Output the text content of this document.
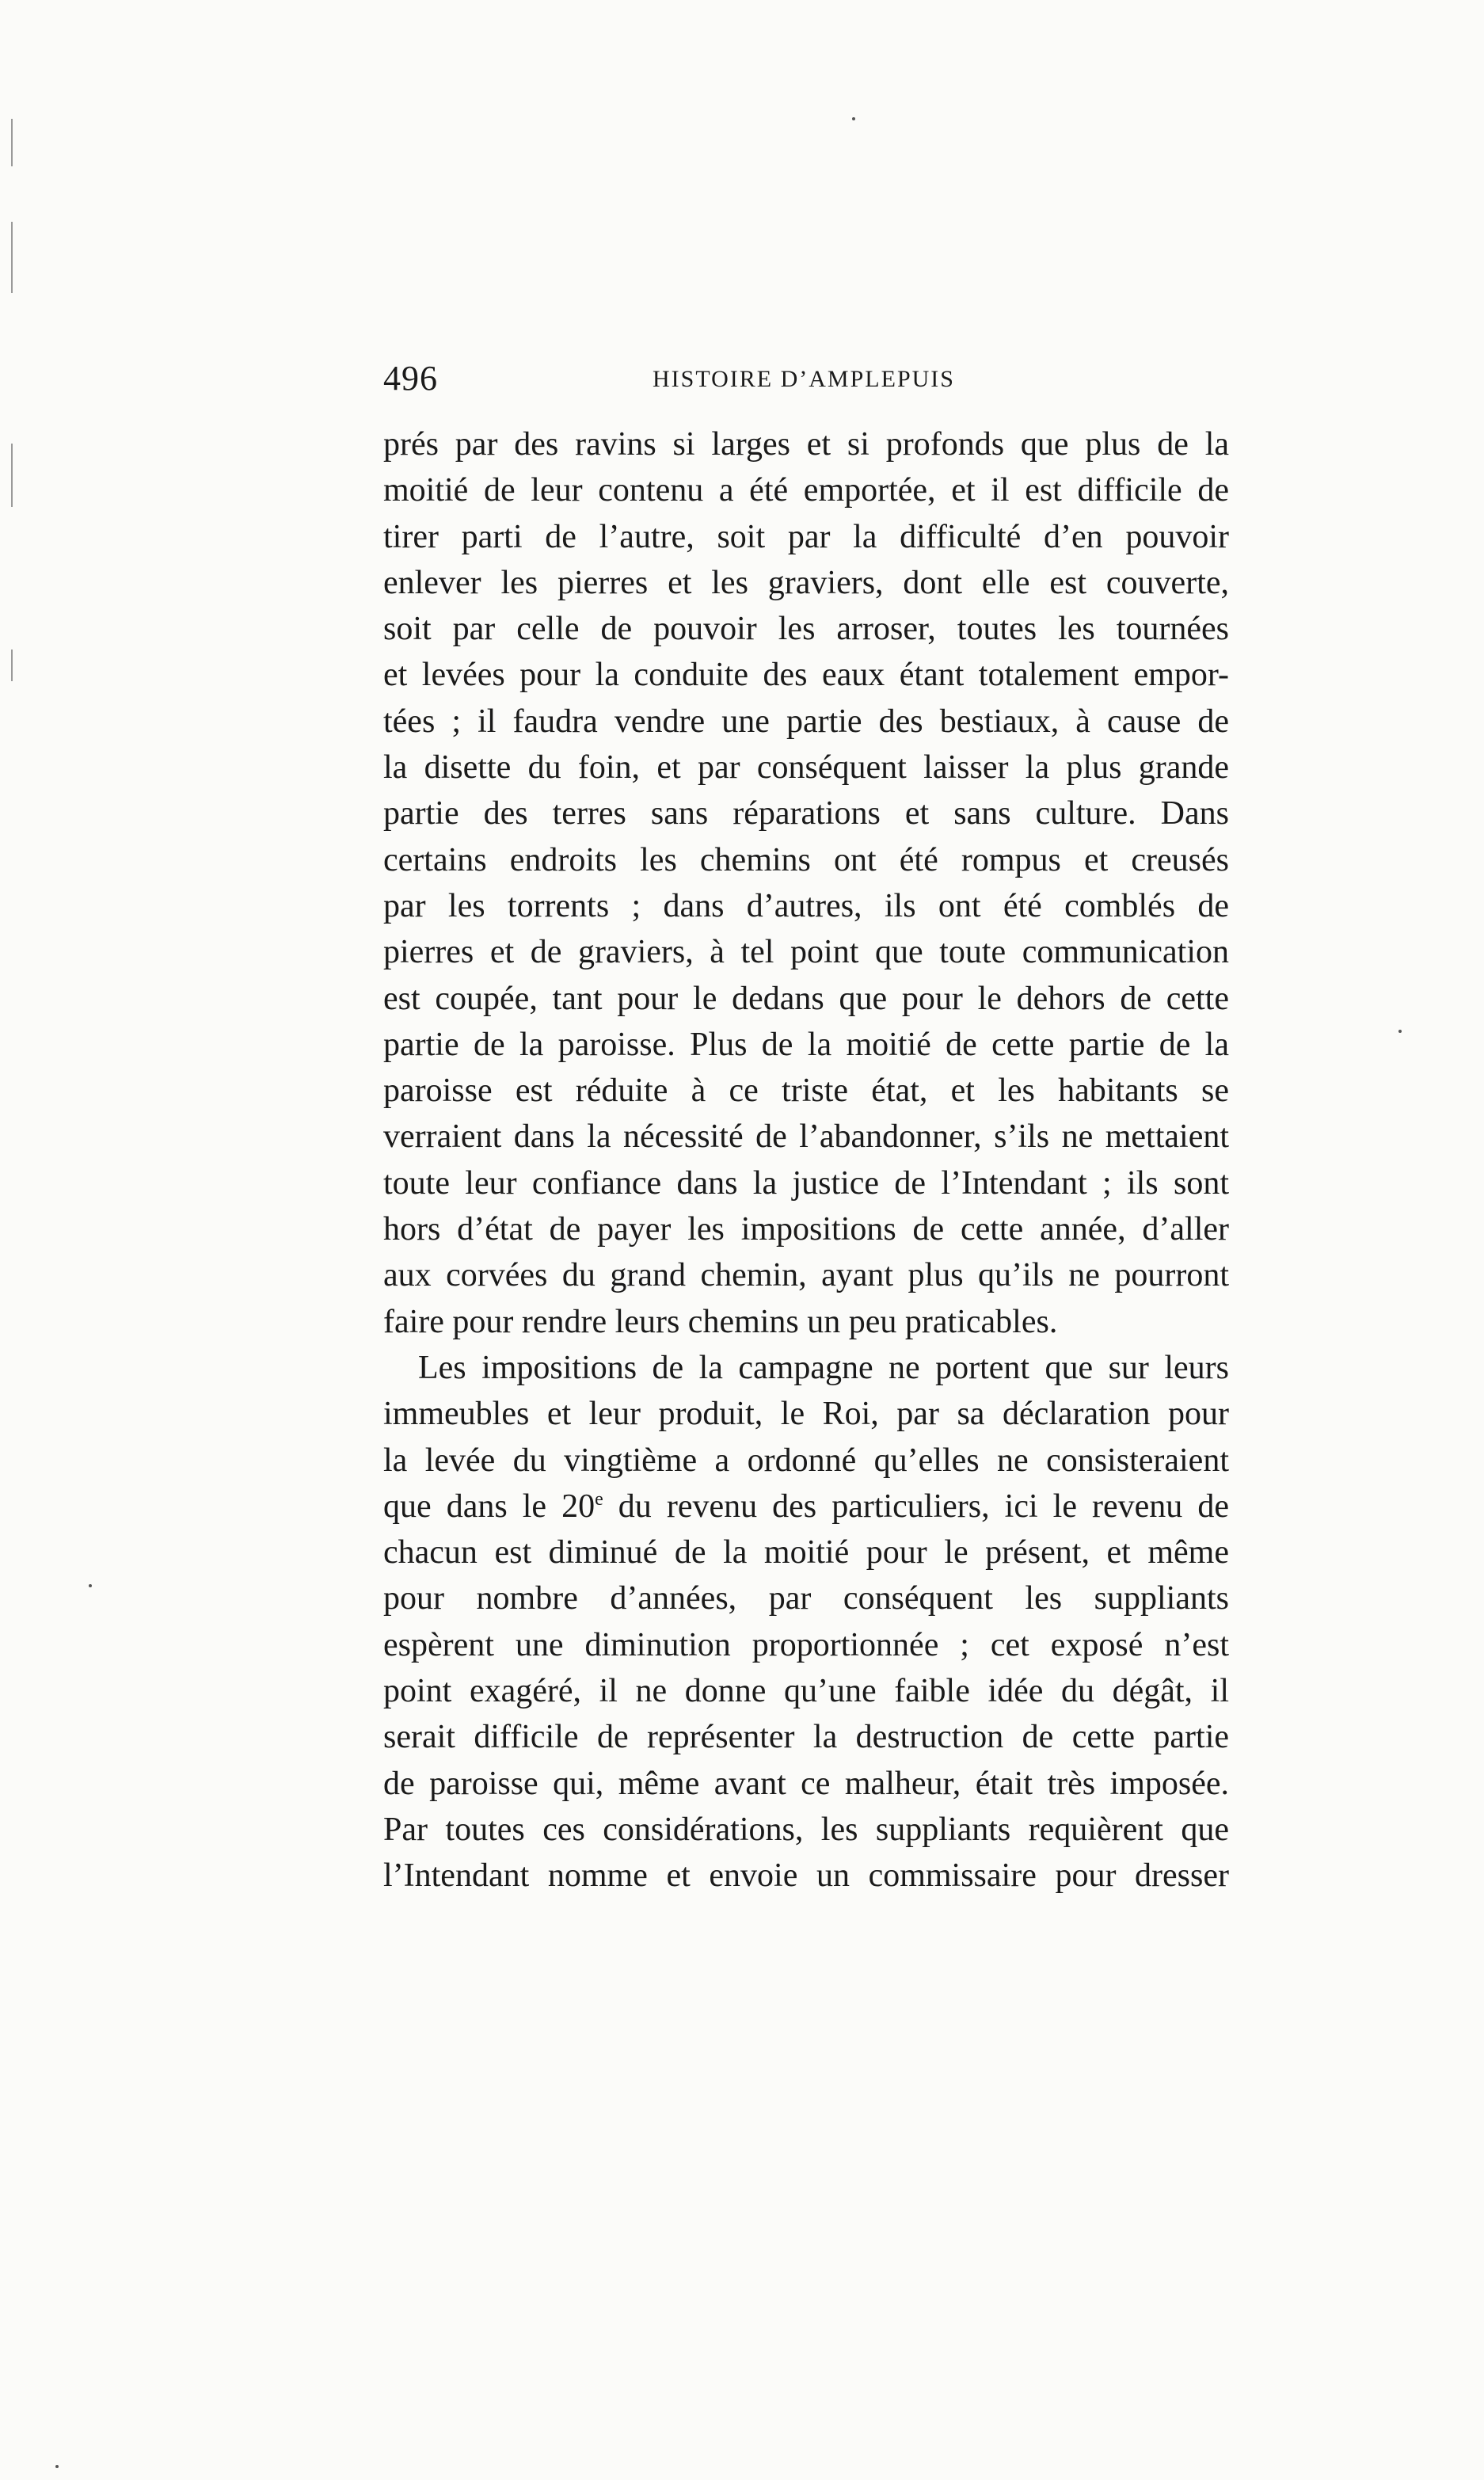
496	HISTOIRE D’AMPLEPUIS
prés par des ravins si larges et si profonds que plus de la
moitié de leur contenu a été emportée, et il est difficile de
tirer parti de l’autre, soit par la difficulté d’en pouvoir
enlever les pierres et les graviers, dont elle est couverte,
soit par celle de pouvoir les arroser, toutes les tournées
et levées pour la conduite des eaux étant totalement empor-
tées ; il faudra vendre une partie des bestiaux, à cause de
la disette du foin, et par conséquent laisser la plus grande
partie des terres sans réparations et sans culture. Dans
certains endroits les chemins ont été rompus et creusés
par les torrents ; dans d’autres, ils ont été comblés de
pierres et de graviers, à tel point que toute communication
est coupée, tant pour le dedans que pour le dehors de cette
partie de la paroisse. Plus de la moitié de cette partie de la
paroisse est réduite à ce triste état, et les habitants se
verraient dans la nécessité de l’abandonner, s’ils ne mettaient
toute leur confiance dans la justice de l’Intendant ; ils sont
hors d’état de payer les impositions de cette année, d’aller
aux corvées du grand chemin, ayant plus qu’ils ne pourront
faire pour rendre leurs chemins un peu praticables.
Les impositions de la campagne ne portent que sur leurs
immeubles et leur produit, le Roi, par sa déclaration pour
la levée du vingtième a ordonné qu’elles ne consisteraient
que dans le 20e du revenu des particuliers, ici le revenu de
chacun est diminué de la moitié pour le présent, et même
pour nombre d’années, par conséquent les suppliants
espèrent une diminution proportionnée ; cet exposé n’est
point exagéré, il ne donne qu’une faible idée du dégât, il
serait difficile de représenter la destruction de cette partie
de paroisse qui, même avant ce malheur, était très imposée.
Par toutes ces considérations, les suppliants requièrent que
l’Intendant nomme et envoie un commissaire pour dresser
